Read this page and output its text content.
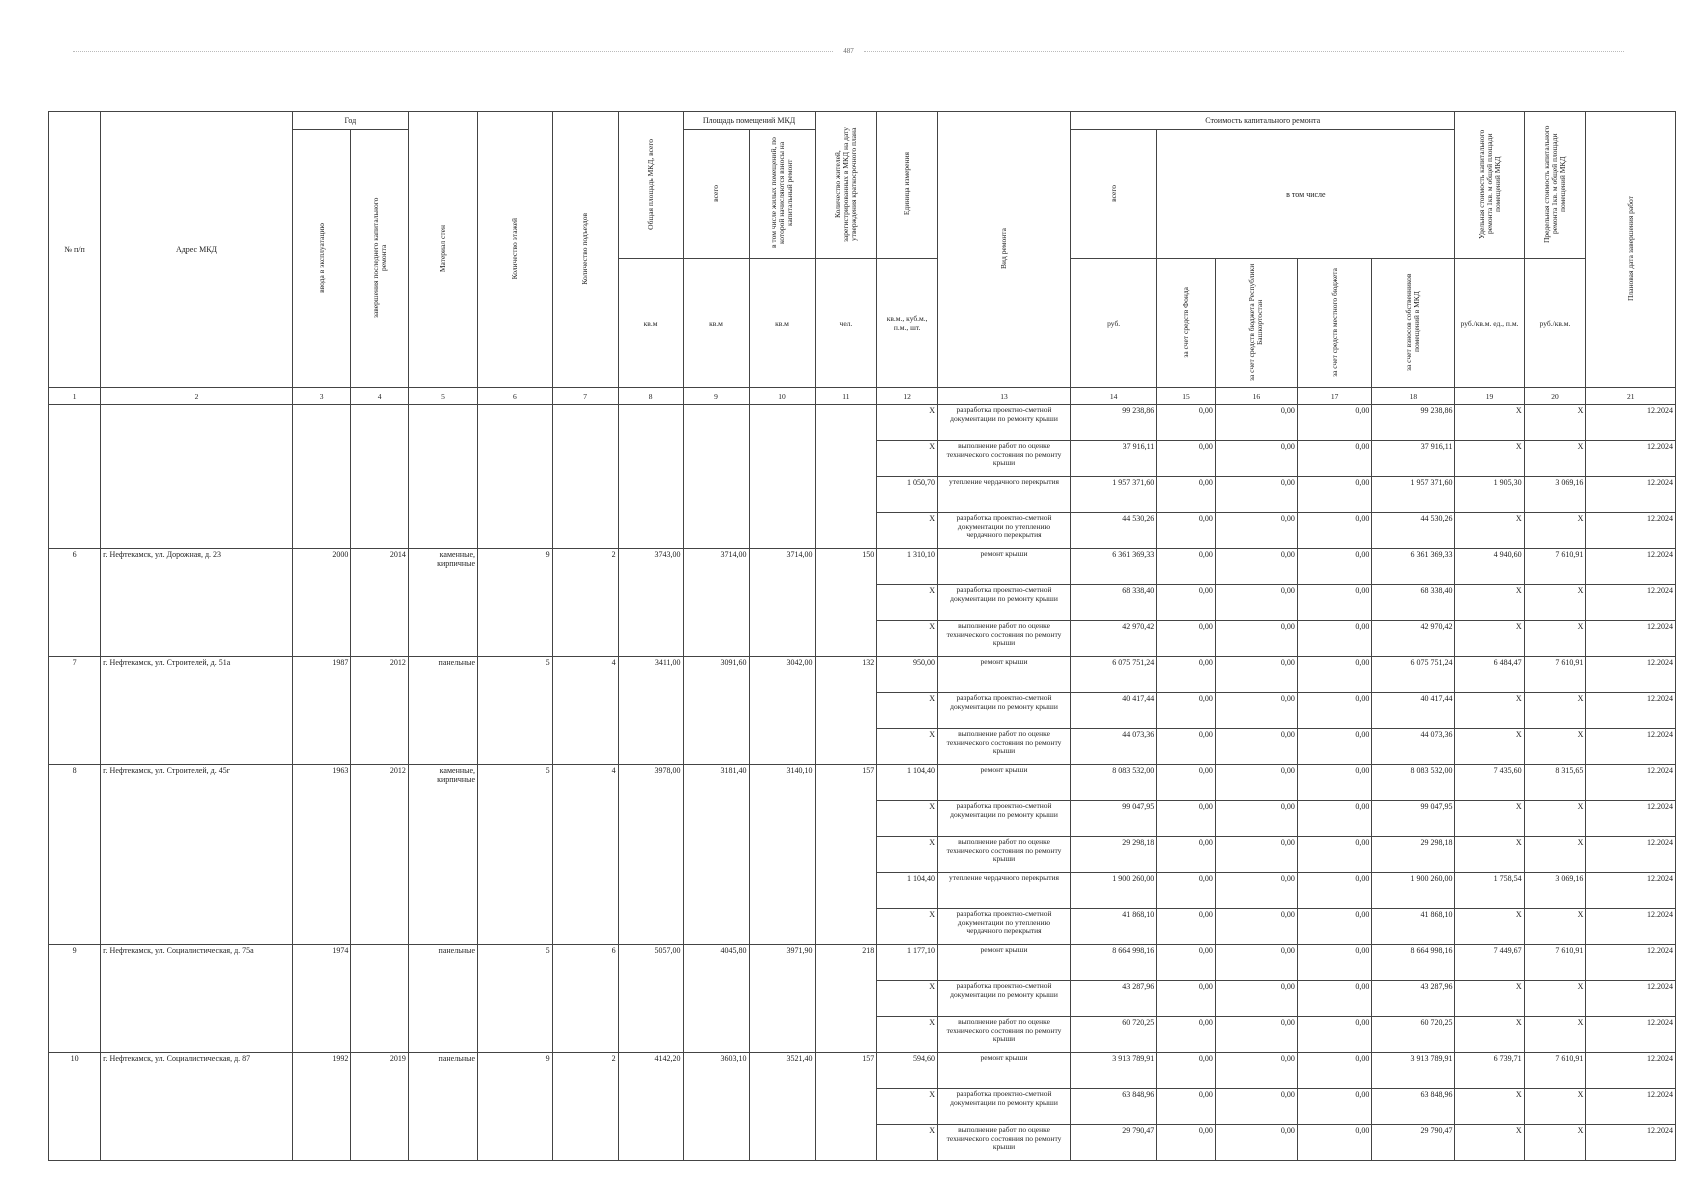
487
№ п/п	Адрес МКД	Год		Материал стен	Количество этажей	Количество подъездов	Общая площадь МКД, всего	Площадь помещений МКД		Количество жителей, зарегистрированных в МКД на дату утверждения краткосрочного плана	Единица измерения	Вид ремонта	Стоимость капитального ремонта					Удельная стоимость капитального ремонта 1кв. м общей площади помещений МКД	Предельная стоимость капитального ремонта 1кв. м общей площади помещений МКД	Плановая дата завершения работ
		ввода в эксплуатацию	завершения последнего капитального ремонта					всего	в том числе жилых помещений, по которой начисляются взносы на капитальный ремонт				всего	в том числе						
							кв.м	кв.м	кв.м	чел.	кв.м., куб.м., п.м., шт.		руб.	за счет средств Фонда	за счет средств бюджета Республики Башкортостан	за счет средств местного бюджета	за счет взносов собственников помещений в МКД	руб./кв.м. ед., п.м.	руб./кв.м.	
1	2	3	4	5	6	7	8	9	10	11	12	13	14	15	16	17	18	19	20	21
											X	разработка проектно-сметной документации по ремонту крыши	99 238,86	0,00	0,00	0,00	99 238,86	X	X	12.2024
											X	выполнение работ по оценке технического состояния по ремонту крыши	37 916,11	0,00	0,00	0,00	37 916,11	X	X	12.2024
											1 050,70	утепление чердачного перекрытия	1 957 371,60	0,00	0,00	0,00	1 957 371,60	1 905,30	3 069,16	12.2024
											X	разработка проектно-сметной документации по утеплению чердачного перекрытия	44 530,26	0,00	0,00	0,00	44 530,26	X	X	12.2024
6	г. Нефтекамск, ул. Дорожная, д. 23	2000	2014	каменные, кирпичные	9	2	3743,00	3714,00	3714,00	150	1 310,10	ремонт крыши	6 361 369,33	0,00	0,00	0,00	6 361 369,33	4 940,60	7 610,91	12.2024
											X	разработка проектно-сметной документации по ремонту крыши	68 338,40	0,00	0,00	0,00	68 338,40	X	X	12.2024
											X	выполнение работ по оценке технического состояния по ремонту крыши	42 970,42	0,00	0,00	0,00	42 970,42	X	X	12.2024
7	г. Нефтекамск, ул. Строителей, д. 51а	1987	2012	панельные	5	4	3411,00	3091,60	3042,00	132	950,00	ремонт крыши	6 075 751,24	0,00	0,00	0,00	6 075 751,24	6 484,47	7 610,91	12.2024
											X	разработка проектно-сметной документации по ремонту крыши	40 417,44	0,00	0,00	0,00	40 417,44	X	X	12.2024
											X	выполнение работ по оценке технического состояния по ремонту крыши	44 073,36	0,00	0,00	0,00	44 073,36	X	X	12.2024
8	г. Нефтекамск, ул. Строителей, д. 45г	1963	2012	каменные, кирпичные	5	4	3978,00	3181,40	3140,10	157	1 104,40	ремонт крыши	8 083 532,00	0,00	0,00	0,00	8 083 532,00	7 435,60	8 315,65	12.2024
											X	разработка проектно-сметной документации по ремонту крыши	99 047,95	0,00	0,00	0,00	99 047,95	X	X	12.2024
											X	выполнение работ по оценке технического состояния по ремонту крыши	29 298,18	0,00	0,00	0,00	29 298,18	X	X	12.2024
											1 104,40	утепление чердачного перекрытия	1 900 260,00	0,00	0,00	0,00	1 900 260,00	1 758,54	3 069,16	12.2024
											X	разработка проектно-сметной документации по утеплению чердачного перекрытия	41 868,10	0,00	0,00	0,00	41 868,10	X	X	12.2024
9	г. Нефтекамск, ул. Социалистическая, д. 75а	1974		панельные	5	6	5057,00	4045,80	3971,90	218	1 177,10	ремонт крыши	8 664 998,16	0,00	0,00	0,00	8 664 998,16	7 449,67	7 610,91	12.2024
											X	разработка проектно-сметной документации по ремонту крыши	43 287,96	0,00	0,00	0,00	43 287,96	X	X	12.2024
											X	выполнение работ по оценке технического состояния по ремонту крыши	60 720,25	0,00	0,00	0,00	60 720,25	X	X	12.2024
10	г. Нефтекамск, ул. Социалистическая, д. 87	1992	2019	панельные	9	2	4142,20	3603,10	3521,40	157	594,60	ремонт крыши	3 913 789,91	0,00	0,00	0,00	3 913 789,91	6 739,71	7 610,91	12.2024
											X	разработка проектно-сметной документации по ремонту крыши	63 848,96	0,00	0,00	0,00	63 848,96	X	X	12.2024
											X	выполнение работ по оценке технического состояния по ремонту крыши	29 790,47	0,00	0,00	0,00	29 790,47	X	X	12.2024
